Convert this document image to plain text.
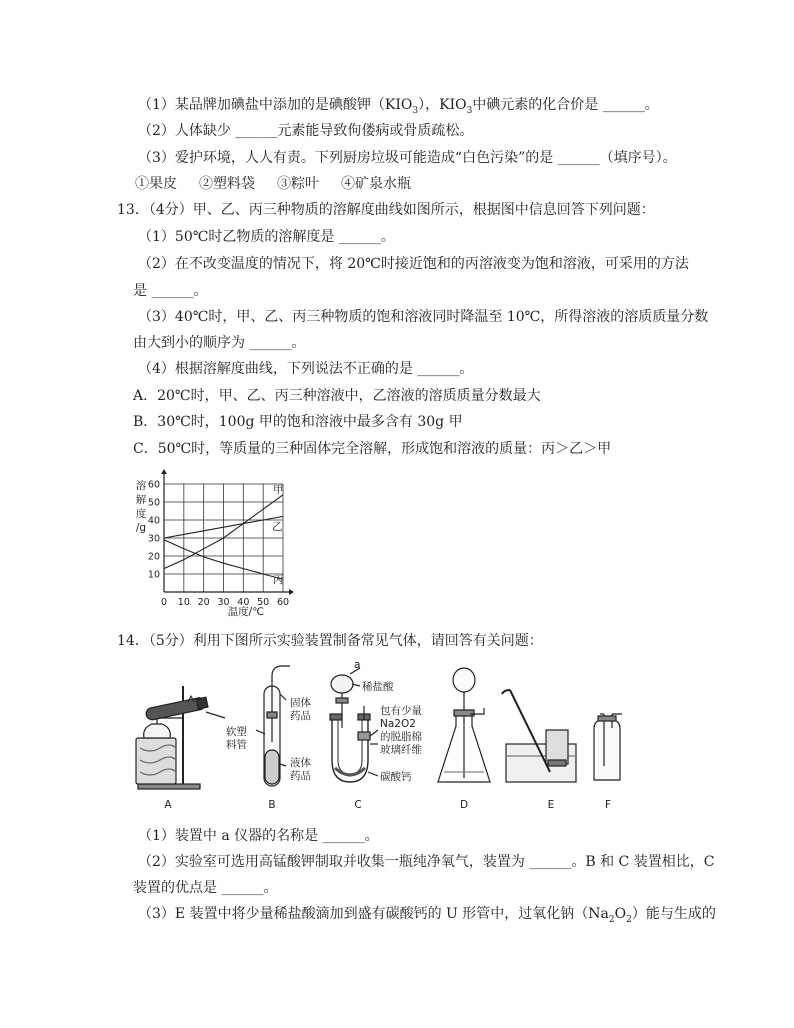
（1）某品牌加碘盐中添加的是碘酸钾$(KIO_3)$，$KIO_3$中碘元素的化合价是 ______。
（2）人体缺少 ______元素能导致佝偻病或骨质疏松。
（3）爱护环境，人人有责。下列厨房垃圾可能造成“白色污染”的是 ______（填序号）。
①果皮 ②塑料袋 ③粽叶 ④矿泉水瓶
13．（4分）甲、乙、丙三种物质的溶解度曲线如图所示，根据图中信息回答下列问题：
（1）50℃时乙物质的溶解度是 ______。
（2）在不改变温度的情况下，将 20℃时接近饱和的丙溶液变为饱和溶液，可采用的方法
是 ______。
（3）40℃时，甲、乙、丙三种物质的饱和溶液同时降温至 10℃，所得溶液的溶质质量分数
由大到小的顺序为 ______。
（4）根据溶解度曲线，下列说法不正确的是 ______。
A．20℃时，甲、乙、丙三种溶液中，乙溶液的溶质质量分数最大
B．30℃时，100g 甲的饱和溶液中最多含有 30g 甲
C．50℃时，等质量的三种固体完全溶解，形成饱和溶液的质量：丙＞乙＞甲
甲
乙
丙
0 10 20 30 40 50 60
10
20
30
40
50
60
溶
解
度
/g
温度/℃
14．（5分）利用下图所示实验装置制备常见气体，请回答有关问题：
固体
药品
软塑
料管
液体
药品
a
稀盐酸
包有少量
Na2O2
的脱脂棉
玻璃纤维
碳酸钙
A	B	C	D	E	F
（1）装置中 a 仪器的名称是 ______。
（2）实验室可选用高锰酸钾制取并收集一瓶纯净氧气，装置为 ______。B 和 C 装置相比，C
装置的优点是 ______。
（3）E 装置中将少量稀盐酸滴加到盛有碳酸钙的 U 形管中，过氧化钠$(Na_2O_2)$能与生成的
